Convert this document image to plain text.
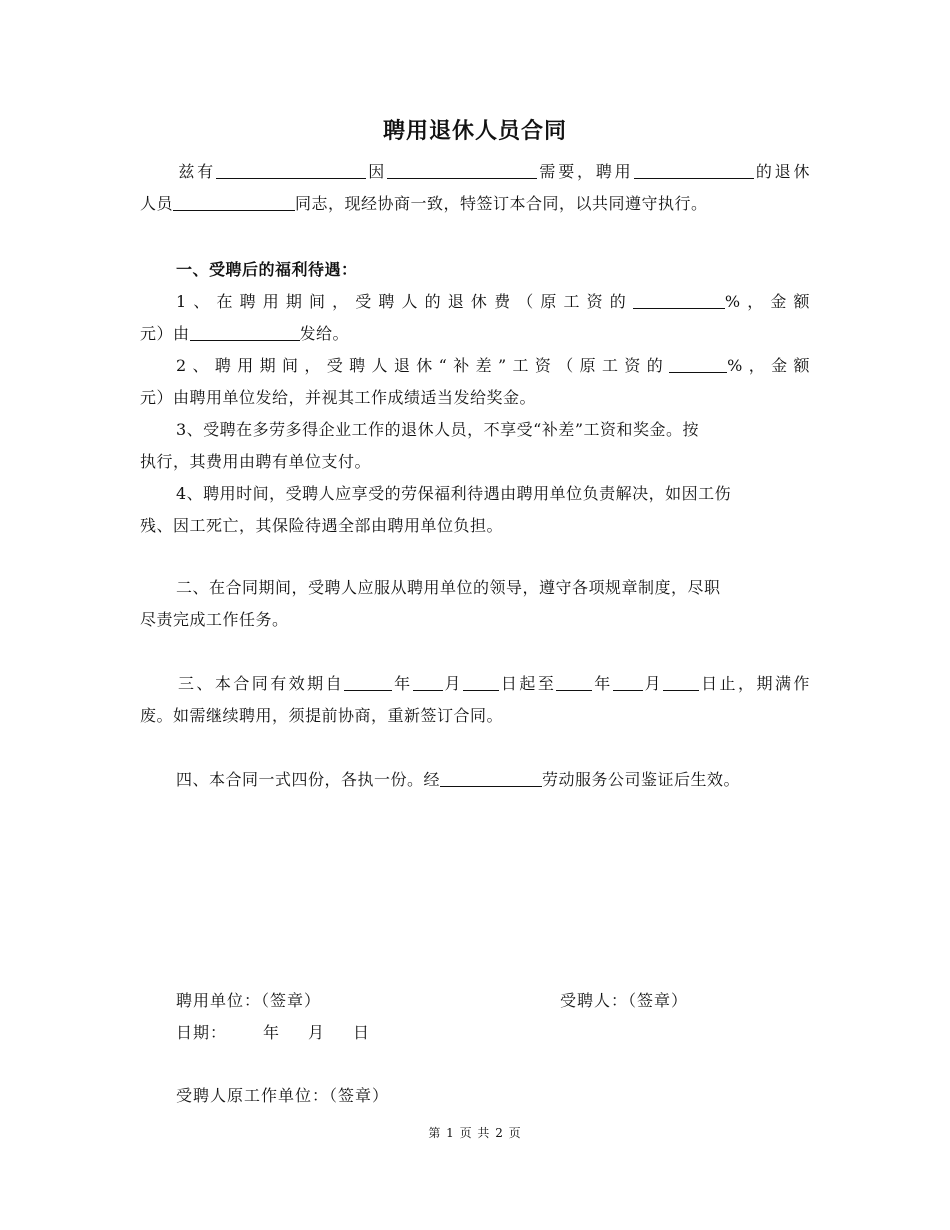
聘用退休人员合同
兹有	因	需要，聘用	的退休
人员	同志，现经协商一致，特签订本合同，以共同遵守执行。
一、受聘后的福利待遇：
1、在聘用期间，受聘人的退休费（原工资的	%，金额
元）由	发给。
2、聘用期间，受聘人退休“补差”工资（原工资的	%，金额
元）由聘用单位发给，并视其工作成绩适当发给奖金。
3、受聘在多劳多得企业工作的退休人员，不享受“补差”工资和奖金。按
执行，其费用由聘有单位支付。
4、聘用时间，受聘人应享受的劳保福利待遇由聘用单位负责解决，如因工伤
残、因工死亡，其保险待遇全部由聘用单位负担。
二、在合同期间，受聘人应服从聘用单位的领导，遵守各项规章制度，尽职
尽责完成工作任务。
三、本合同有效期自	年 月 日起至 年 月 日止，期满作
废。如需继续聘用，须提前协商，重新签订合同。
四、本合同一式四份，各执一份。经	劳动服务公司鉴证后生效。
聘用单位：（签章）	受聘人：（签章）
日期： 年 月 日
受聘人原工作单位：（签章）
第 1 页 共 2 页
